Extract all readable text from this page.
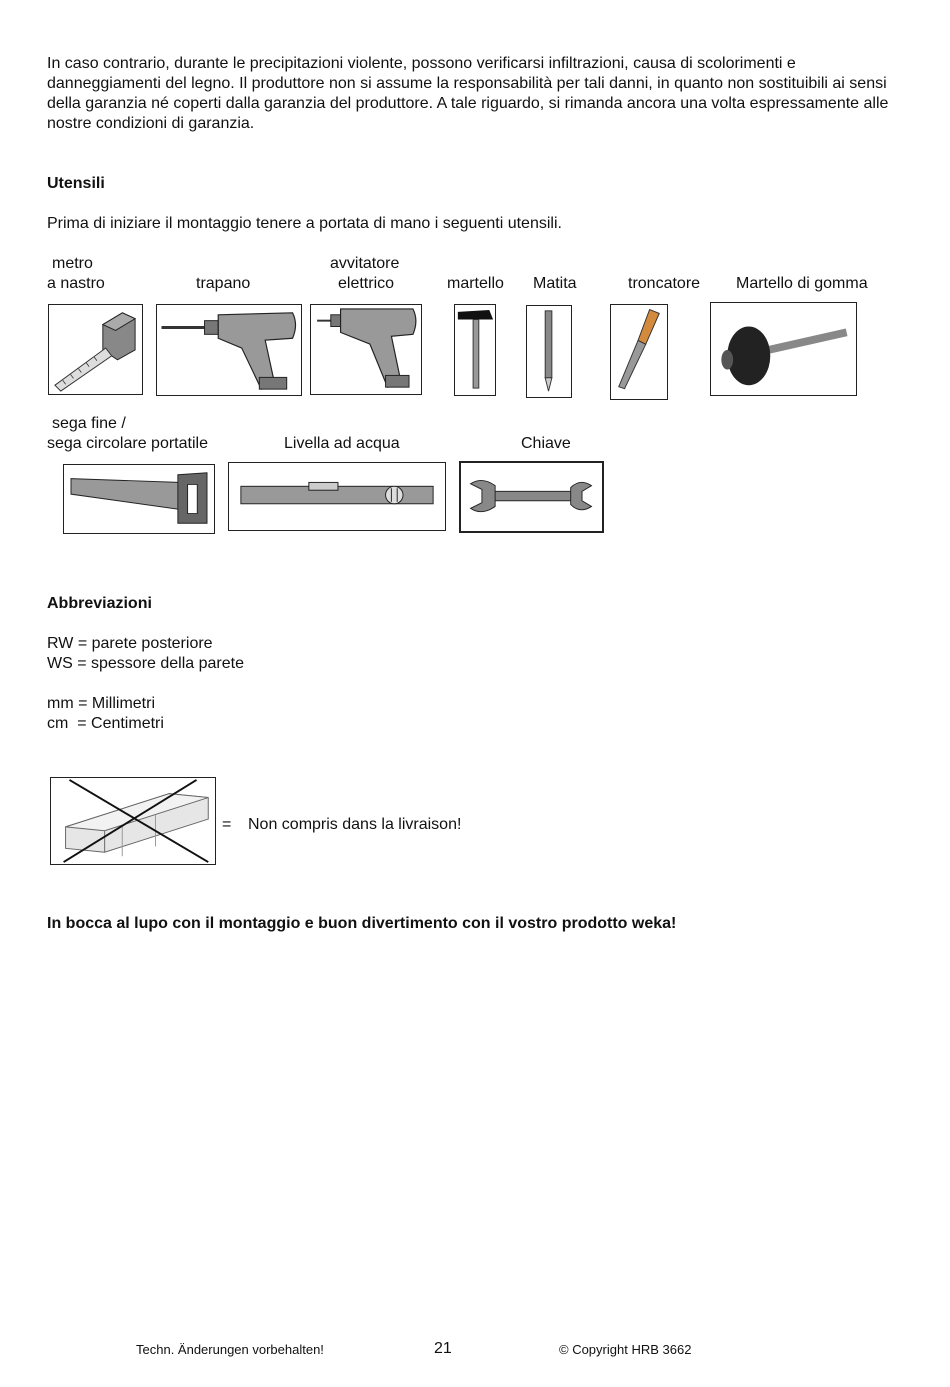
In caso contrario, durante le precipitazioni violente, possono verificarsi infiltrazioni, causa di scolorimenti e danneggiamenti del legno. Il produttore non si assume la responsabilità per tali danni, in quanto non sostituibili ai sensi della garanzia né coperti dalla garanzia del produttore. A tale riguardo, si rimanda ancora una volta espressamente alle nostre condizioni di garanzia.
Utensili
Prima di iniziare il montaggio tenere a portata di mano i seguenti utensili.
metro
a nastro	trapano
avvitatore
elettrico	martello Matita	troncatore Martello di gomma
sega fine /
sega circolare portatile	Livella ad acqua	Chiave
Abbreviazioni
RW = parete posteriore
WS = spessore della parete
mm = Millimetri
cm  = Centimetri
= Non compris dans la livraison!
In bocca al lupo con il montaggio e buon divertimento con il vostro prodotto weka!
Techn. Änderungen vorbehalten!	21	© Copyright HRB 3662
